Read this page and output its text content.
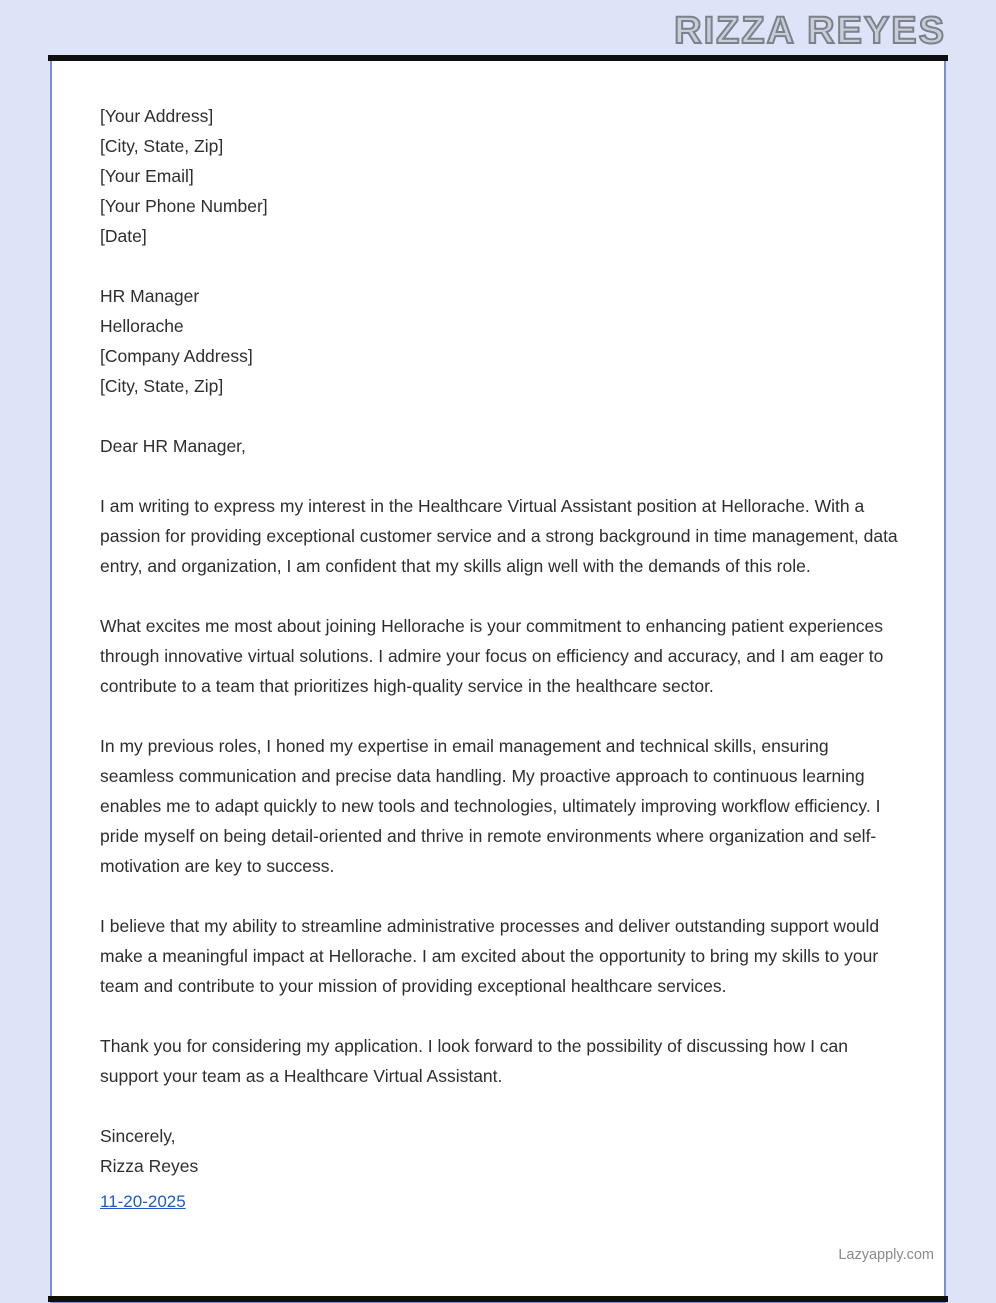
RIZZA REYES
[Your Address]
[City, State, Zip]
[Your Email]
[Your Phone Number]
[Date]
HR Manager
Hellorache
[Company Address]
[City, State, Zip]
Dear HR Manager,

I am writing to express my interest in the Healthcare Virtual Assistant position at Hellorache. With a passion for providing exceptional customer service and a strong background in time management, data entry, and organization, I am confident that my skills align well with the demands of this role.

What excites me most about joining Hellorache is your commitment to enhancing patient experiences through innovative virtual solutions. I admire your focus on efficiency and accuracy, and I am eager to contribute to a team that prioritizes high-quality service in the healthcare sector.

In my previous roles, I honed my expertise in email management and technical skills, ensuring seamless communication and precise data handling. My proactive approach to continuous learning enables me to adapt quickly to new tools and technologies, ultimately improving workflow efficiency. I pride myself on being detail-oriented and thrive in remote environments where organization and self-motivation are key to success.

I believe that my ability to streamline administrative processes and deliver outstanding support would make a meaningful impact at Hellorache. I am excited about the opportunity to bring my skills to your team and contribute to your mission of providing exceptional healthcare services.

Thank you for considering my application. I look forward to the possibility of discussing how I can support your team as a Healthcare Virtual Assistant.

Sincerely,
Rizza Reyes
11-20-2025
Lazyapply.com
